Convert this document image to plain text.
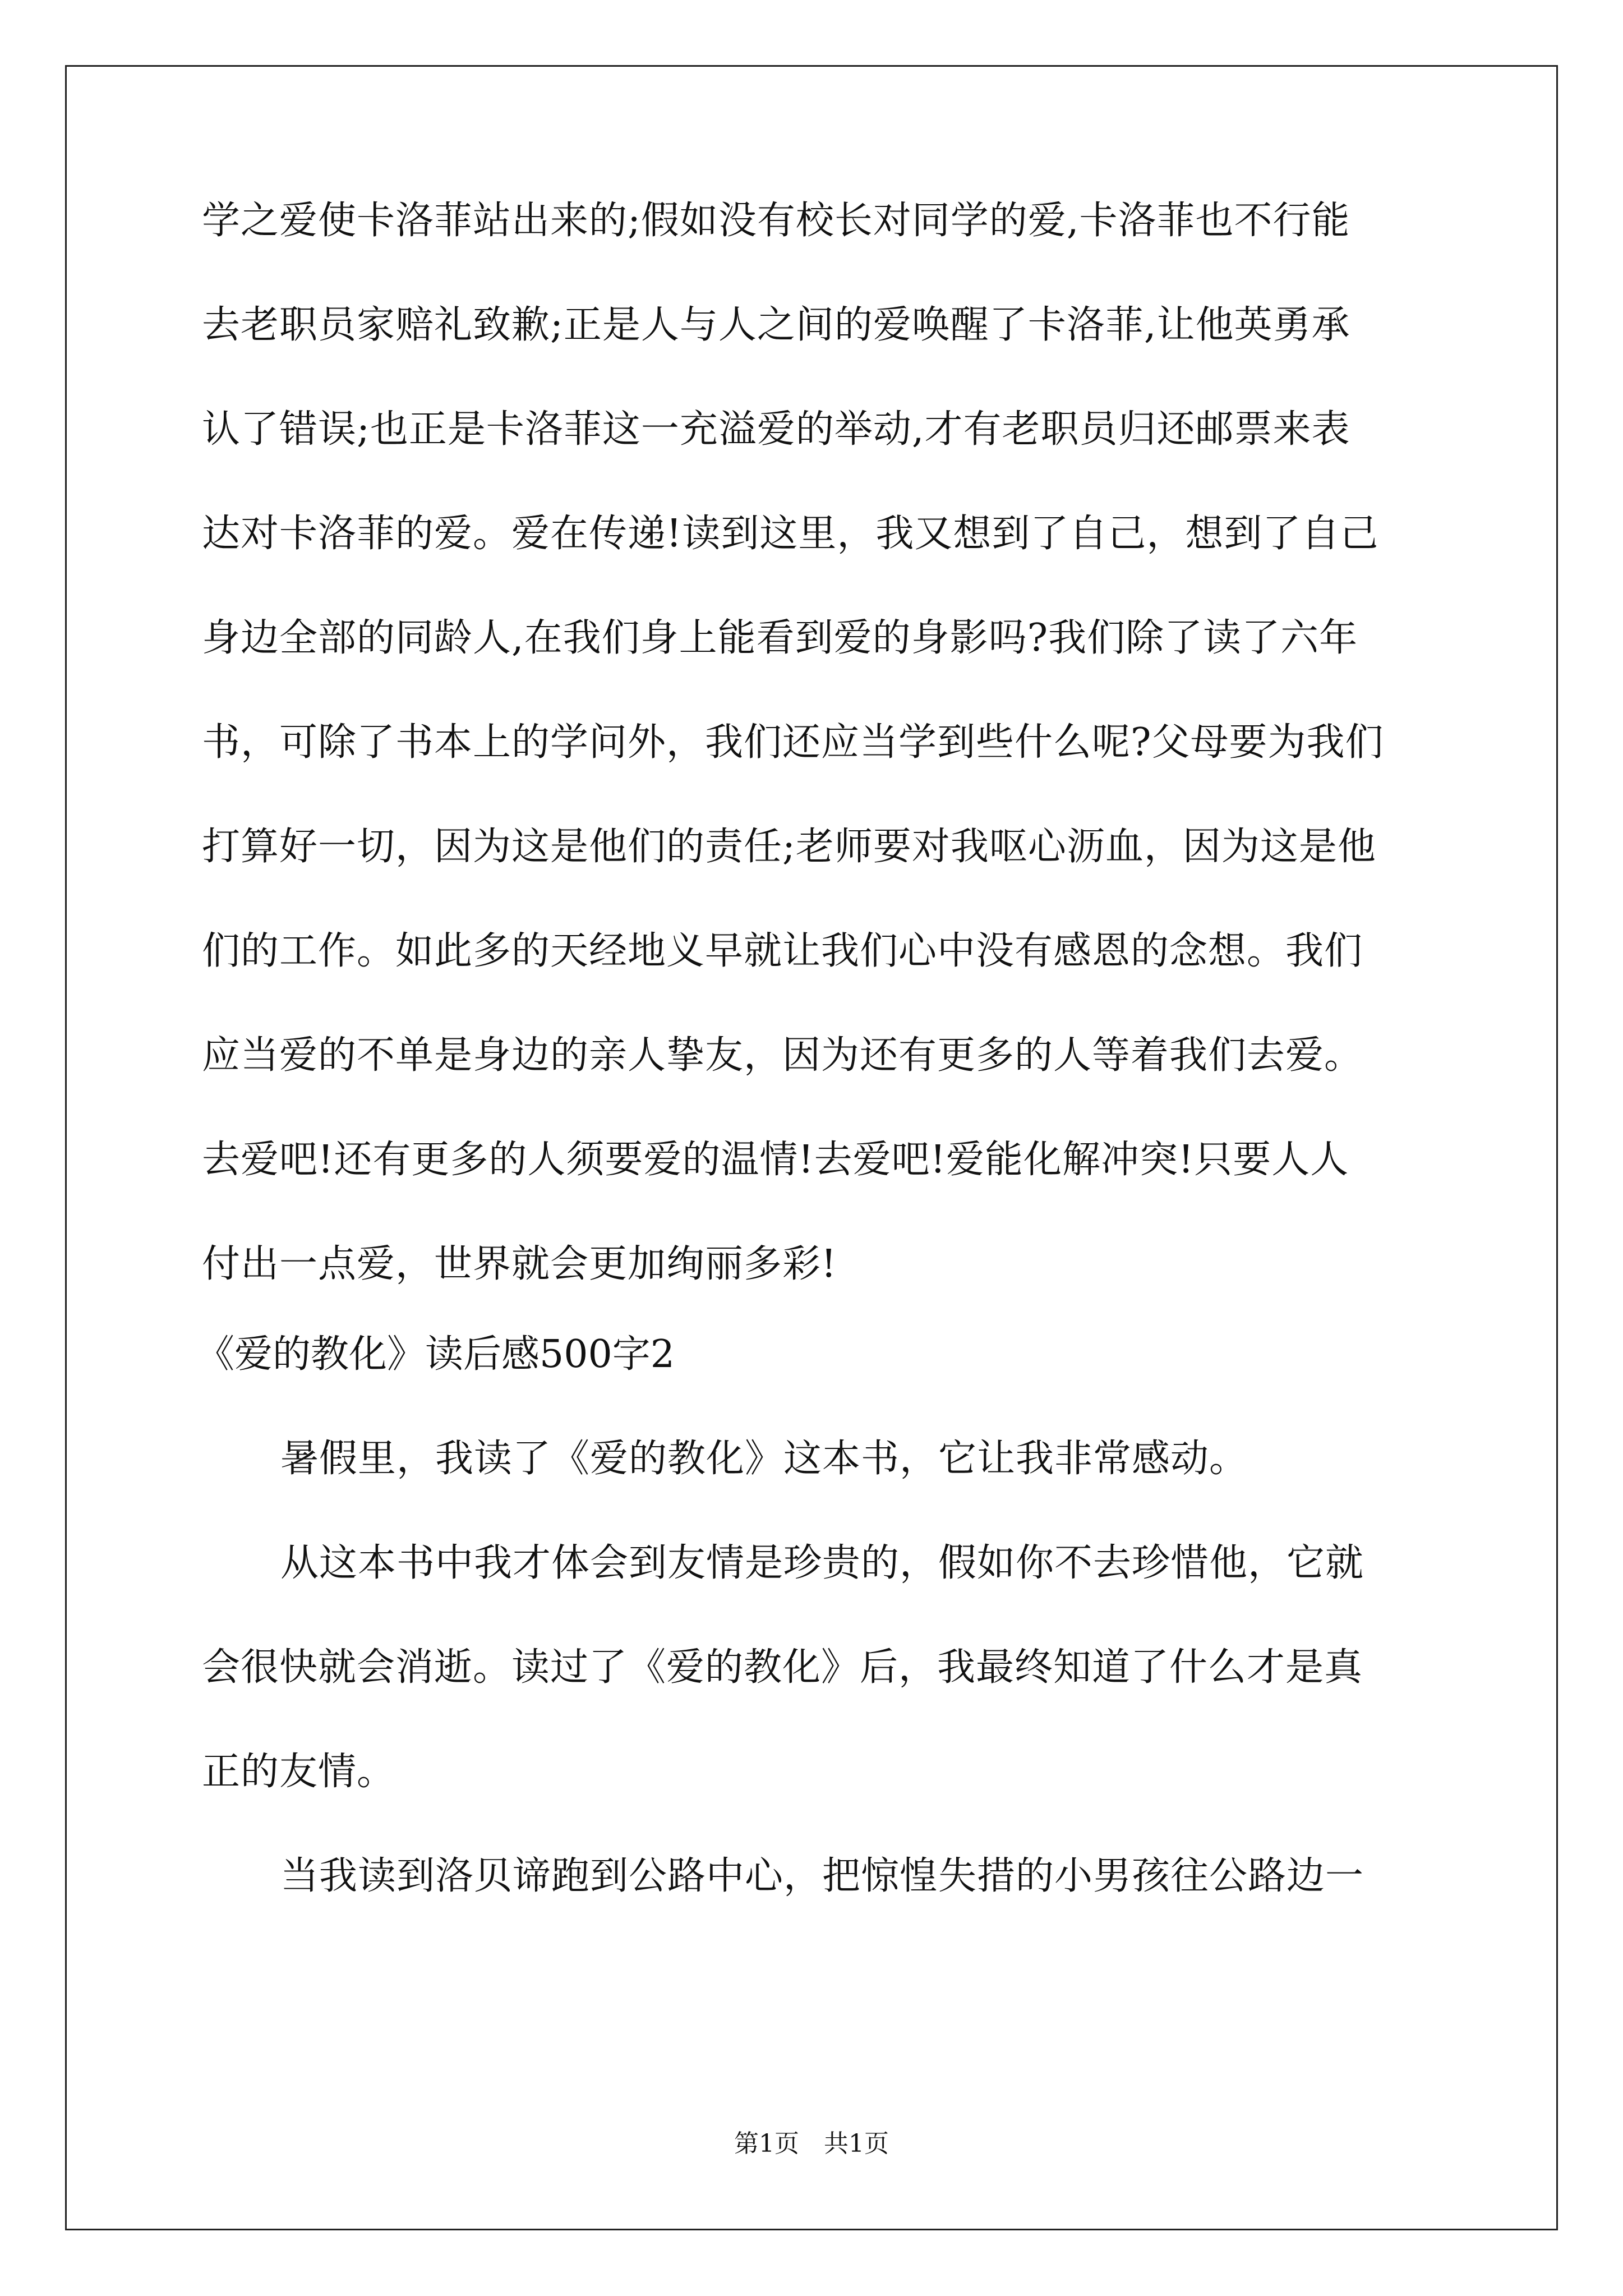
学之爱使卡洛菲站出来的;假如没有校长对同学的爱,卡洛菲也不行能

去老职员家赔礼致歉;正是人与人之间的爱唤醒了卡洛菲,让他英勇承

认了错误;也正是卡洛菲这一充溢爱的举动,才有老职员归还邮票来表

达对卡洛菲的爱。爱在传递!读到这里，我又想到了自己，想到了自己

身边全部的同龄人,在我们身上能看到爱的身影吗?我们除了读了六年

书，可除了书本上的学问外，我们还应当学到些什么呢?父母要为我们

打算好一切，因为这是他们的责任;老师要对我呕心沥血，因为这是他

们的工作。如此多的天经地义早就让我们心中没有感恩的念想。我们

应当爱的不单是身边的亲人挚友，因为还有更多的人等着我们去爱。

去爱吧!还有更多的人须要爱的温情!去爱吧!爱能化解冲突!只要人人

付出一点爱，世界就会更加绚丽多彩!

《爱的教化》读后感500字2

暑假里，我读了《爱的教化》这本书，它让我非常感动。

从这本书中我才体会到友情是珍贵的，假如你不去珍惜他，它就

会很快就会消逝。读过了《爱的教化》后，我最终知道了什么才是真

正的友情。

当我读到洛贝谛跑到公路中心，把惊惶失措的小男孩往公路边一

第1页　共1页
